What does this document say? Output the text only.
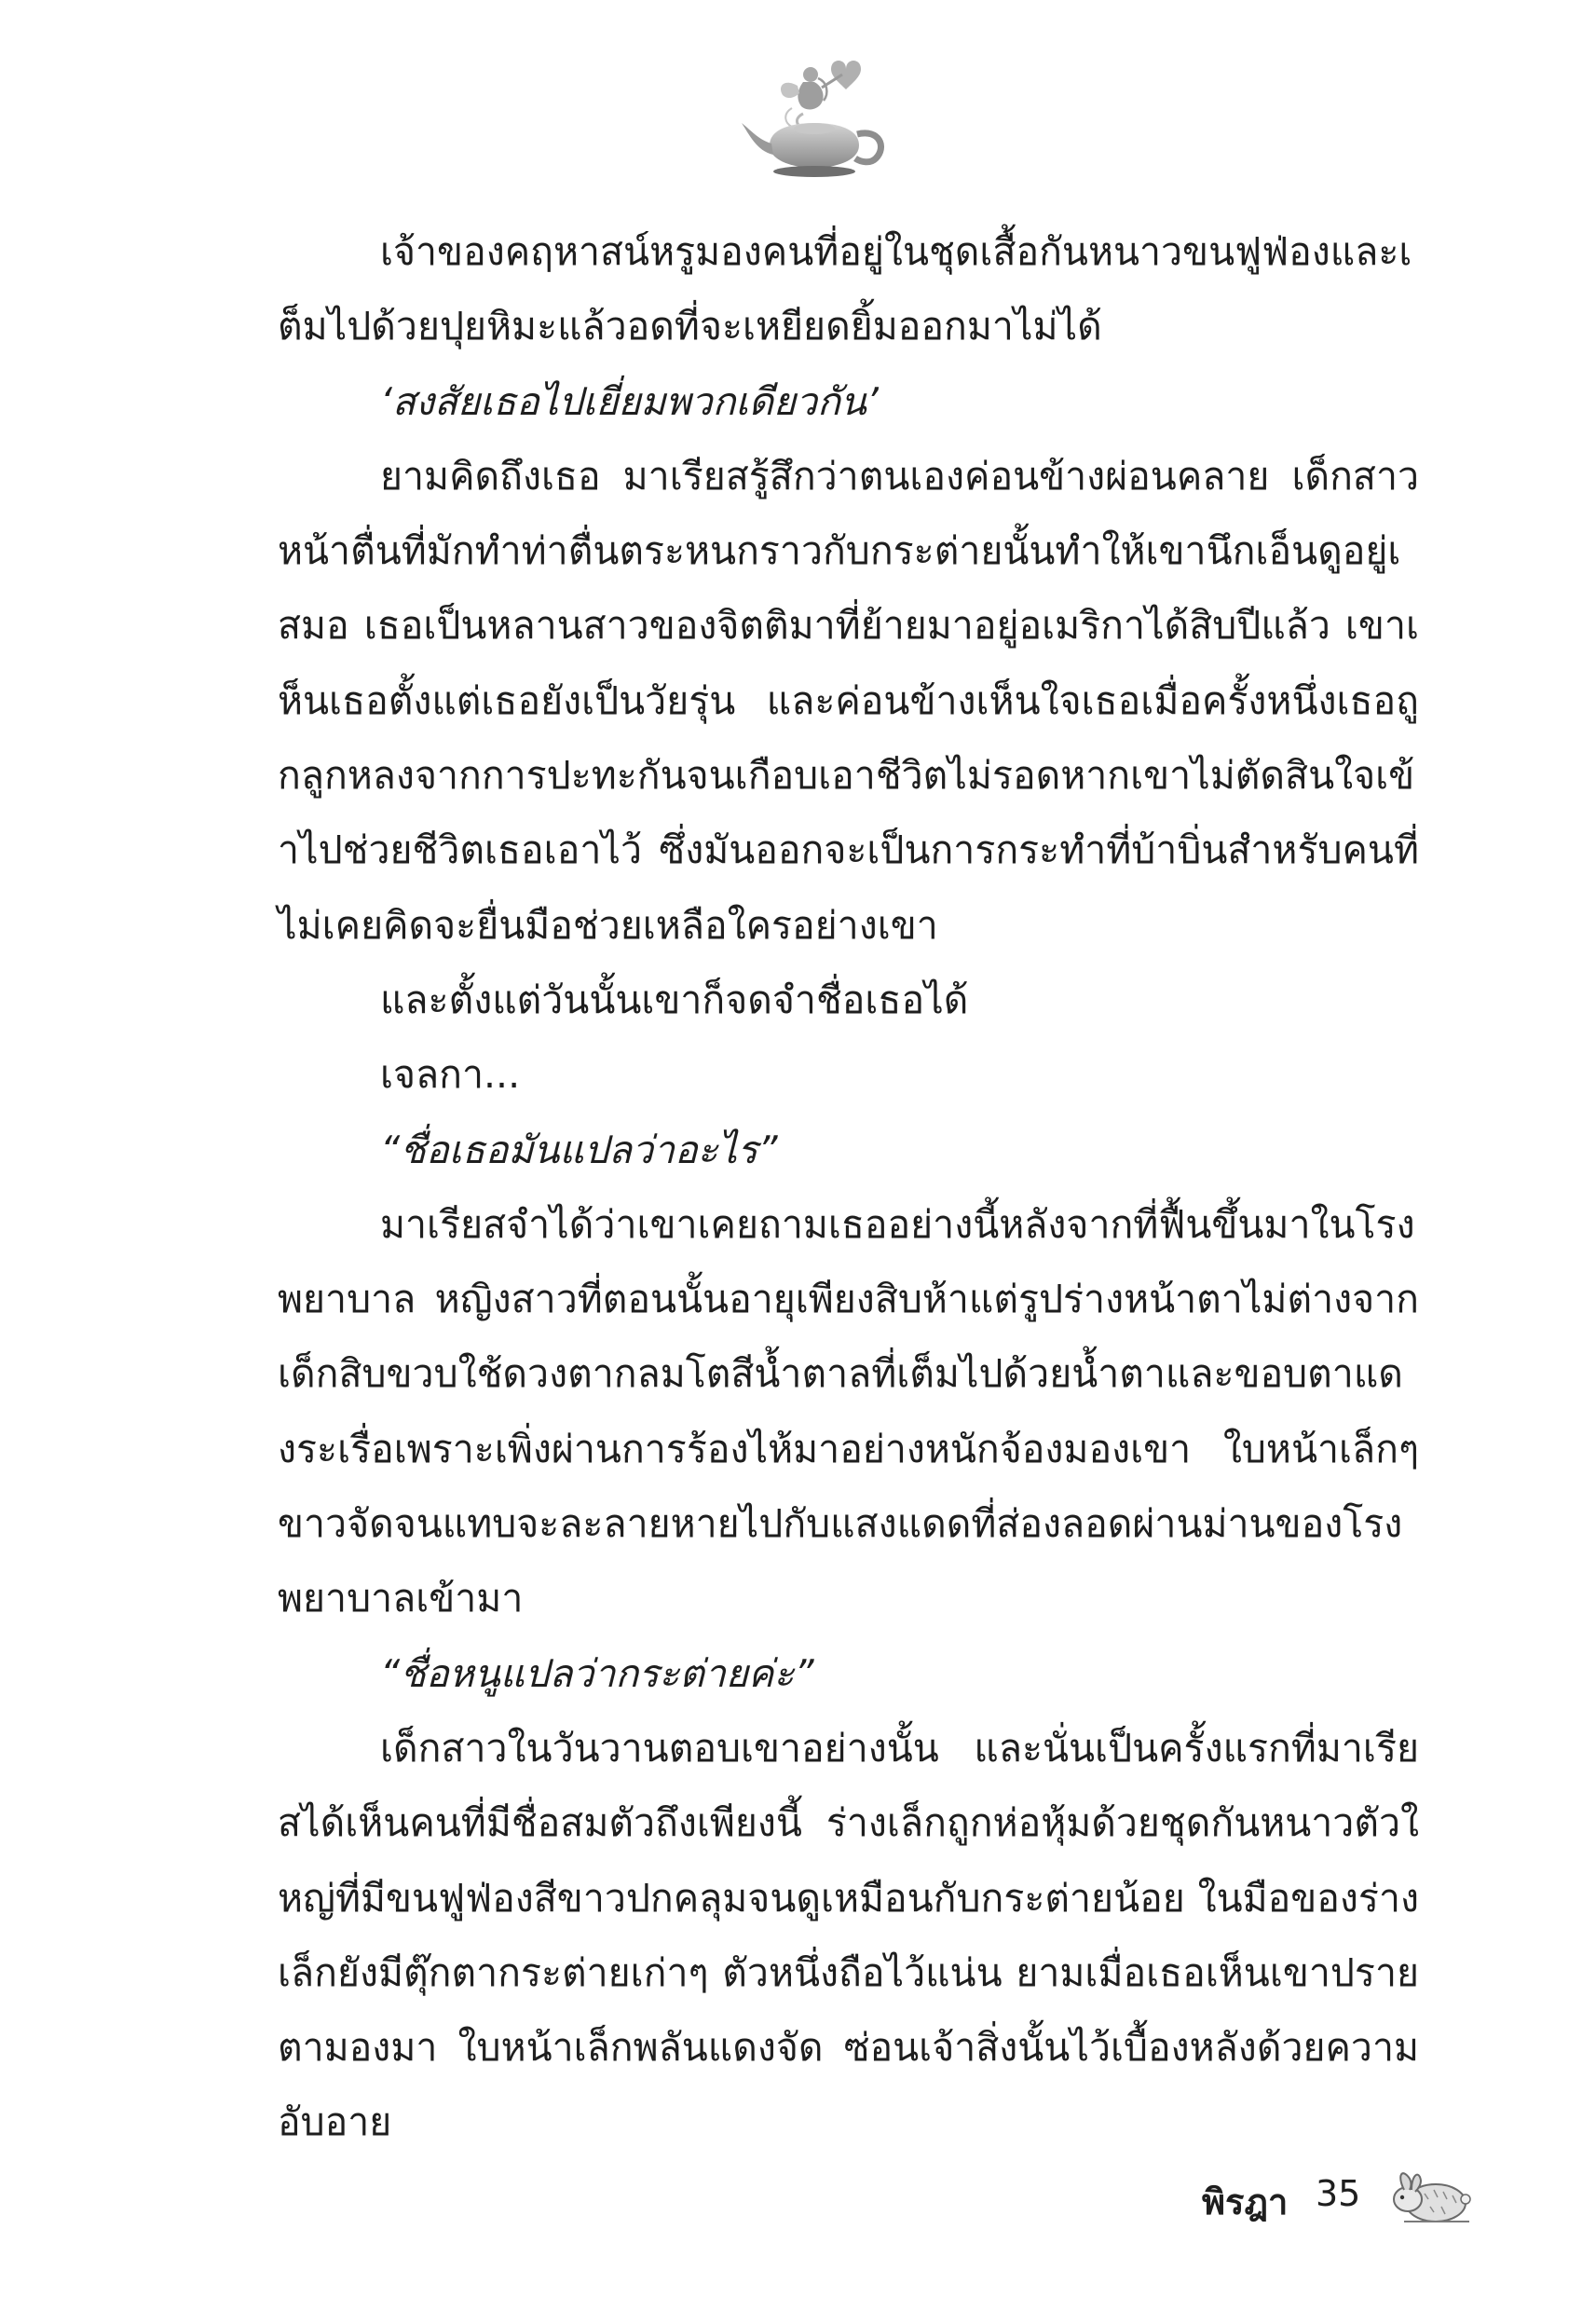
เจ้าของคฤหาสน์หรูมองคนที่อยู่ในชุดเสื้อกันหนาวขนฟูฟ่องและเต็มไปด้วยปุยหิมะแล้วอดที่จะเหยียดยิ้มออกมาไม่ได้

‘สงสัยเธอไปเยี่ยมพวกเดียวกัน’

ยามคิดถึงเธอ มาเรียสรู้สึกว่าตนเองค่อนข้างผ่อนคลาย เด็กสาวหน้าตื่นที่มักทำท่าตื่นตระหนกราวกับกระต่ายนั้นทำให้เขานึกเอ็นดูอยู่เสมอ เธอเป็นหลานสาวของจิตติมาที่ย้ายมาอยู่อเมริกาได้สิบปีแล้ว เขาเห็นเธอตั้งแต่เธอยังเป็นวัยรุ่น และค่อนข้างเห็นใจเธอเมื่อครั้งหนึ่งเธอถูกลูกหลงจากการปะทะกันจนเกือบเอาชีวิตไม่รอดหากเขาไม่ตัดสินใจเข้าไปช่วยชีวิตเธอเอาไว้ ซึ่งมันออกจะเป็นการกระทำที่บ้าบิ่นสำหรับคนที่ไม่เคยคิดจะยื่นมือช่วยเหลือใครอย่างเขา

และตั้งแต่วันนั้นเขาก็จดจำชื่อเธอได้

เจลกา...

“ชื่อเธอมันแปลว่าอะไร”

มาเรียสจำได้ว่าเขาเคยถามเธออย่างนี้หลังจากที่ฟื้นขึ้นมาในโรงพยาบาล หญิงสาวที่ตอนนั้นอายุเพียงสิบห้าแต่รูปร่างหน้าตาไม่ต่างจากเด็กสิบขวบใช้ดวงตากลมโตสีน้ำตาลที่เต็มไปด้วยน้ำตาและขอบตาแดงระเรื่อเพราะเพิ่งผ่านการร้องไห้มาอย่างหนักจ้องมองเขา ใบหน้าเล็กๆ ขาวจัดจนแทบจะละลายหายไปกับแสงแดดที่ส่องลอดผ่านม่านของโรงพยาบาลเข้ามา

“ชื่อหนูแปลว่ากระต่ายค่ะ”

เด็กสาวในวันวานตอบเขาอย่างนั้น และนั่นเป็นครั้งแรกที่มาเรียสได้เห็นคนที่มีชื่อสมตัวถึงเพียงนี้ ร่างเล็กถูกห่อหุ้มด้วยชุดกันหนาวตัวใหญ่ที่มีขนฟูฟ่องสีขาวปกคลุมจนดูเหมือนกับกระต่ายน้อย ในมือของร่างเล็กยังมีตุ๊กตากระต่ายเก่าๆ ตัวหนึ่งถือไว้แน่น ยามเมื่อเธอเห็นเขาปรายตามองมา ใบหน้าเล็กพลันแดงจัด ซ่อนเจ้าสิ่งนั้นไว้เบื้องหลังด้วยความอับอาย

พิรฎา 35
